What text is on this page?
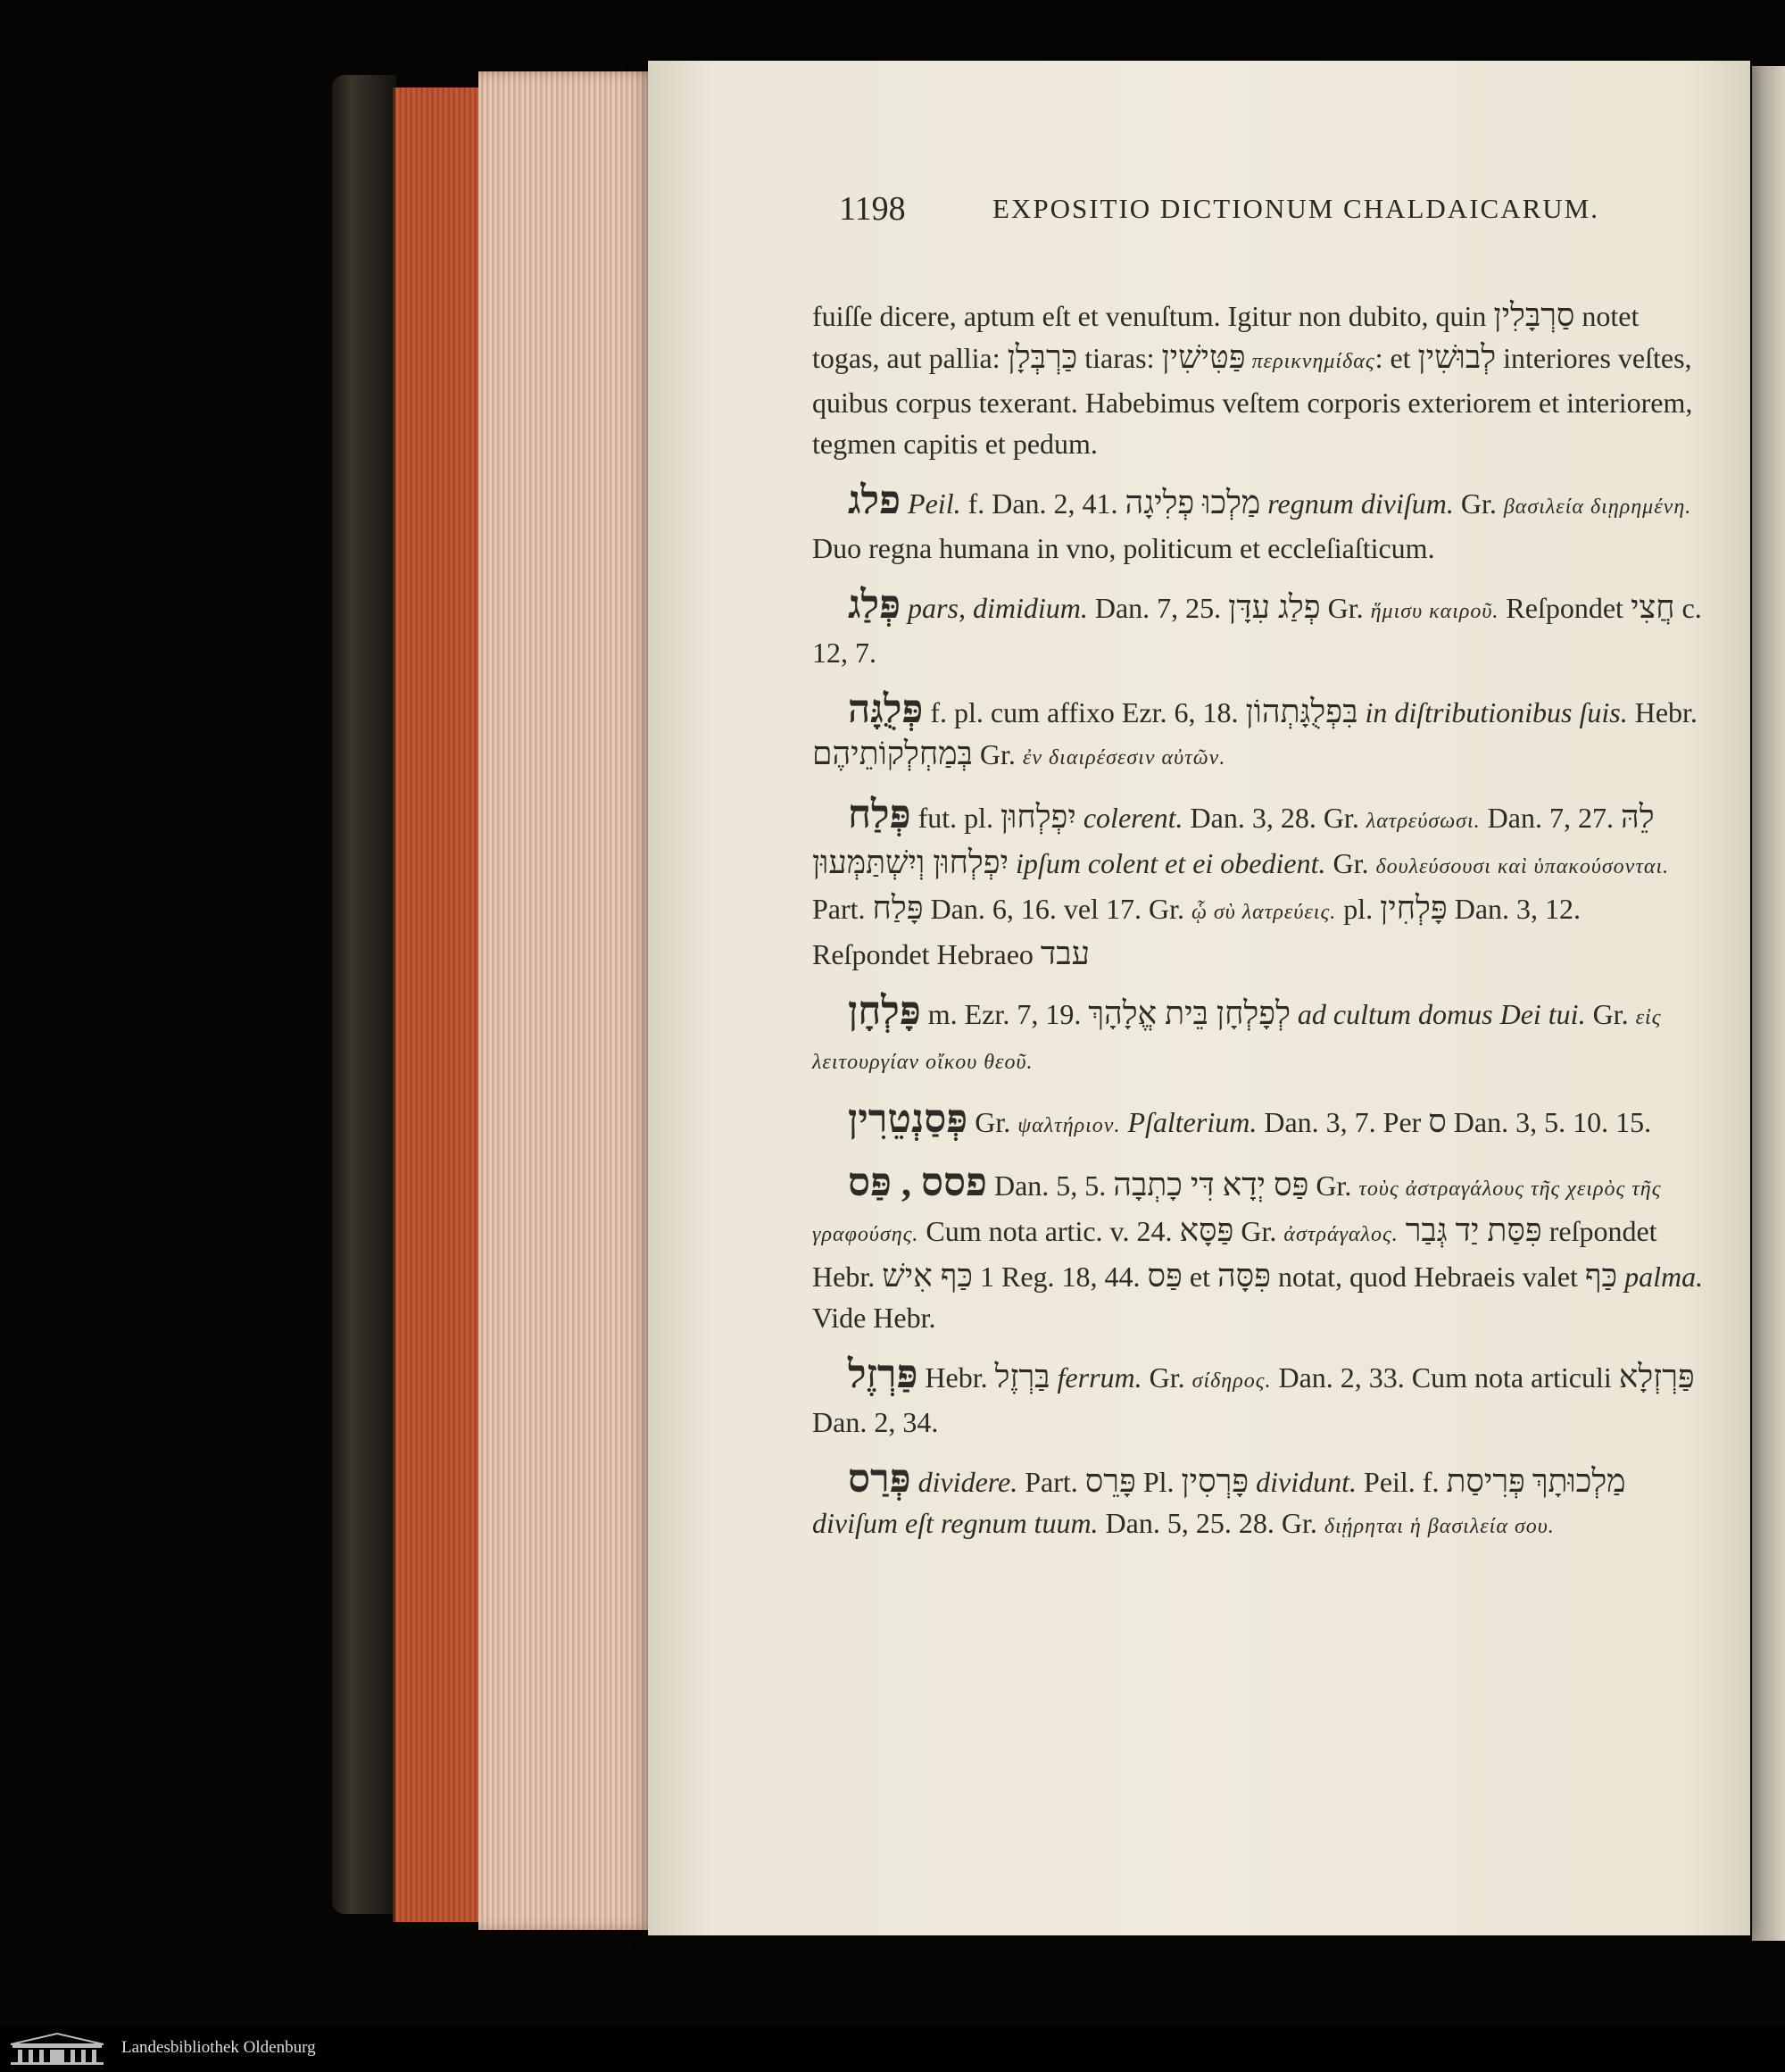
1198	EXPOSITIO DICTIONUM CHALDAICARUM.

fuiſſe dicere, aptum eſt et venuſtum. Igitur non dubito, quin סַרְבָּלִין notet togas, aut pallia: כַּרְבְּלָן tiaras: פַּטִּישִׁין περικνημίδας: et לְבוּשִׁין interiores veſtes, quibus corpus texerant. Habebimus veſtem corporis exteriorem et interiorem, tegmen capitis et pedum.

פלג Peil. f. Dan. 2, 41. מַלְכוּ פְלִיגָה regnum diviſum. Gr. βασιλεία διῃρημένη. Duo regna humana in vno, politicum et eccleſiaſticum.

פְּלַג pars, dimidium. Dan. 7, 25. פְלַג עִדָּן Gr. ἥμισυ καιροῦ. Reſpondet חֲצִי c. 12, 7.

פְּלֻגָּה f. pl. cum affixo Ezr. 6, 18. בִּפְלֻגָּתְהוֹן in diſtributionibus ſuis. Hebr. בְּמַחְלְקוֹתֵיהֶם Gr. ἐν διαιρέσεσιν αὐτῶν.

פְּלַח fut. pl. יִפְלְחוּן colerent. Dan. 3, 28. Gr. λατρεύσωσι. Dan. 7, 27. לֵהּ יִפְלְחוּן וְיִשְׁתַּמְּעוּן ipſum colent et ei obedient. Gr. δουλεύσουσι καὶ ὑπακούσονται. Part. פָּלַח Dan. 6, 16. vel 17. Gr. ᾧ σὺ λατρεύεις. pl. פָּלְחִין Dan. 3, 12. Reſpondet Hebraeo עבד

פָּלְחָן m. Ezr. 7, 19. לְפָלְחָן בֵּית אֱלָהָךְ ad cultum domus Dei tui. Gr. εἰς λειτουργίαν οἴκου θεοῦ.

פְּסַנְטֵרִין Gr. ψαλτήριον. Pſalterium. Dan. 3, 7. Per ס Dan. 3, 5. 10. 15.

פסס , פַּס Dan. 5, 5. פַּס יְדָא דִּי כָתְבָה Gr. τοὺς ἀστραγάλους τῆς χειρὸς τῆς γραφούσης. Cum nota artic. v. 24. פַּסָּא Gr. ἀστράγαλος. פִּסַּת יַד גְּבַר reſpondet Hebr. כַּף אִישׁ 1 Reg. 18, 44. פַּס et פִּסָּה notat, quod Hebraeis valet כַּף palma. Vide Hebr.

פַּרְזֶל Hebr. בַּרְזֶל ferrum. Gr. σίδηρος. Dan. 2, 33. Cum nota articuli פַּרְזְלָא Dan. 2, 34.

פְּרַס dividere. Part. פָּרֵס Pl. פָּרְסִין dividunt. Peil. f. פְּרִיסַת מַלְכוּתָךְ diviſum eſt regnum tuum. Dan. 5, 25. 28. Gr. διῄρηται ἡ βασιλεία σου.

Landesbibliothek Oldenburg
